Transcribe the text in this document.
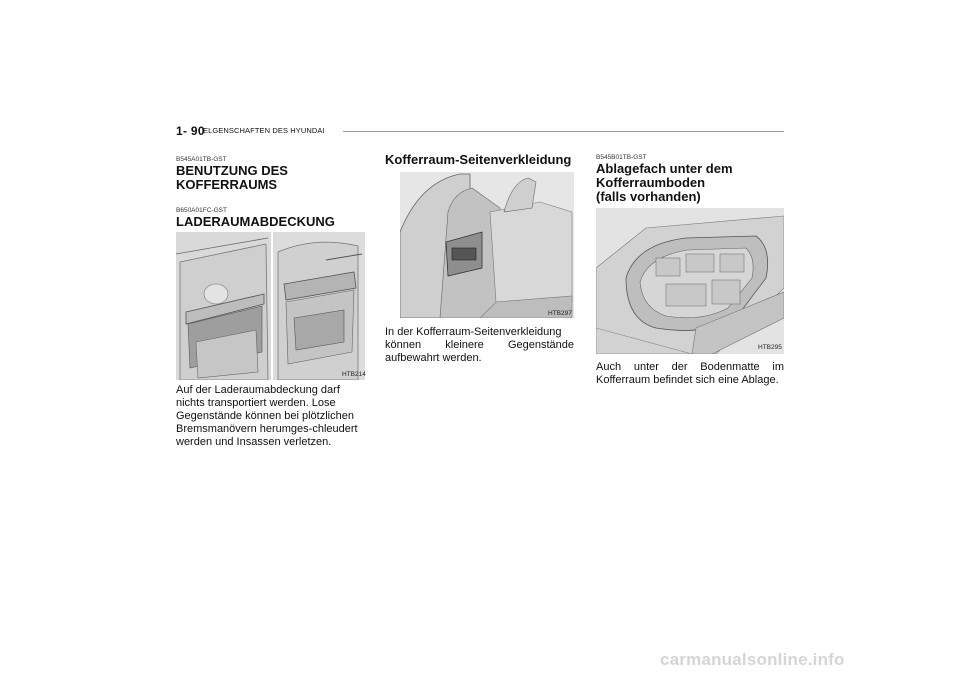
1- 90
ELGENSCHAFTEN DES HYUNDAI
B545A01TB-GST
BENUTZUNG DES
KOFFERRAUMS
B650A01FC-GST
LADERAUMABDECKUNG
HTB214
Auf der Laderaumabdeckung darf
nichts transportiert werden. Lose
Gegenstände können bei plötzlichen
Bremsmanövern herumges-chleudert
werden und Insassen verletzen.
Kofferraum-Seitenverkleidung
HTB297
In der Kofferraum-Seitenverkleidung
können kleinere Gegenstände
aufbewahrt werden.
B545B01TB-GST
Ablagefach unter dem
Kofferraumboden
(falls vorhanden)
HTB295
Auch unter der Bodenmatte im
Kofferraum befindet sich eine Ablage.
carmanualsonline.info
